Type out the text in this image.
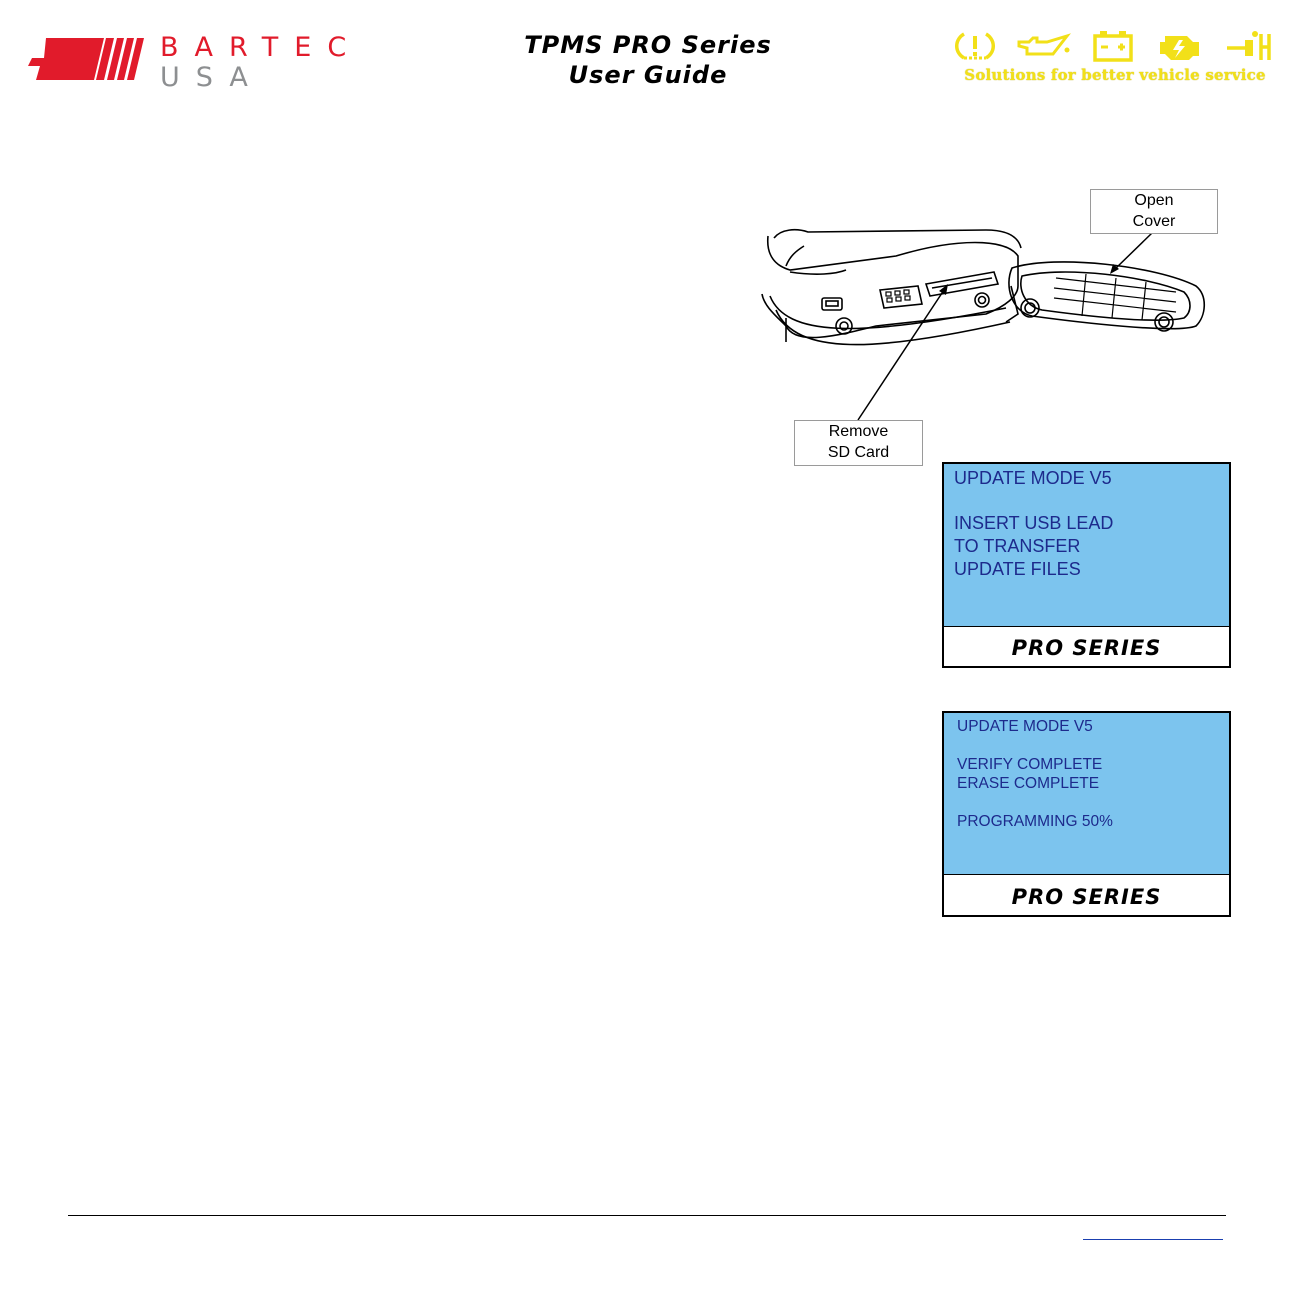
BARTEC
USA
TPMS PRO Series
User Guide	Solutions for better vehicle service
Open
Cover
Remove
SD Card
UPDATE MODE V5
INSERT USB LEAD
TO TRANSFER
UPDATE FILES
PRO SERIES
UPDATE MODE V5
VERIFY COMPLETE
ERASE COMPLETE
PROGRAMMING 50%
PRO SERIES
